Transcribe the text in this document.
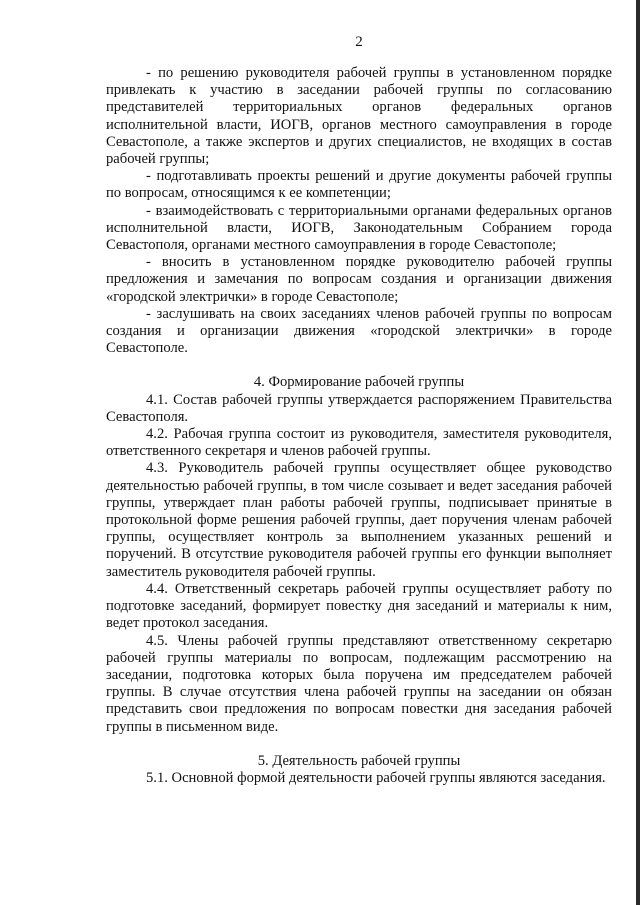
2

- по решению руководителя рабочей группы в установленном порядке привлекать к участию в заседании рабочей группы по согласованию представителей территориальных органов федеральных органов исполнительной власти, ИОГВ, органов местного самоуправления в городе Севастополе, а также экспертов и других специалистов, не входящих в состав рабочей группы;

- подготавливать проекты решений и другие документы рабочей группы по вопросам, относящимся к ее компетенции;

- взаимодействовать с территориальными органами федеральных органов исполнительной власти, ИОГВ, Законодательным Собранием города Севастополя, органами местного самоуправления в городе Севастополе;

- вносить в установленном порядке руководителю рабочей группы предложения и замечания по вопросам создания и организации движения «городской электрички» в городе Севастополе;

- заслушивать на своих заседаниях членов рабочей группы по вопросам создания и организации движения «городской электрички» в городе Севастополе.

4. Формирование рабочей группы

4.1. Состав рабочей группы утверждается распоряжением Правительства Севастополя.

4.2. Рабочая группа состоит из руководителя, заместителя руководителя, ответственного секретаря и членов рабочей группы.

4.3. Руководитель рабочей группы осуществляет общее руководство деятельностью рабочей группы, в том числе созывает и ведет заседания рабочей группы, утверждает план работы рабочей группы, подписывает принятые в протокольной форме решения рабочей группы, дает поручения членам рабочей группы, осуществляет контроль за выполнением указанных решений и поручений. В отсутствие руководителя рабочей группы его функции выполняет заместитель руководителя рабочей группы.

4.4. Ответственный секретарь рабочей группы осуществляет работу по подготовке заседаний, формирует повестку дня заседаний и материалы к ним, ведет протокол заседания.

4.5. Члены рабочей группы представляют ответственному секретарю рабочей группы материалы по вопросам, подлежащим рассмотрению на заседании, подготовка которых была поручена им председателем рабочей группы. В случае отсутствия члена рабочей группы на заседании он обязан представить свои предложения по вопросам повестки дня заседания рабочей группы в письменном виде.

5. Деятельность рабочей группы

5.1. Основной формой деятельности рабочей группы являются заседания.
